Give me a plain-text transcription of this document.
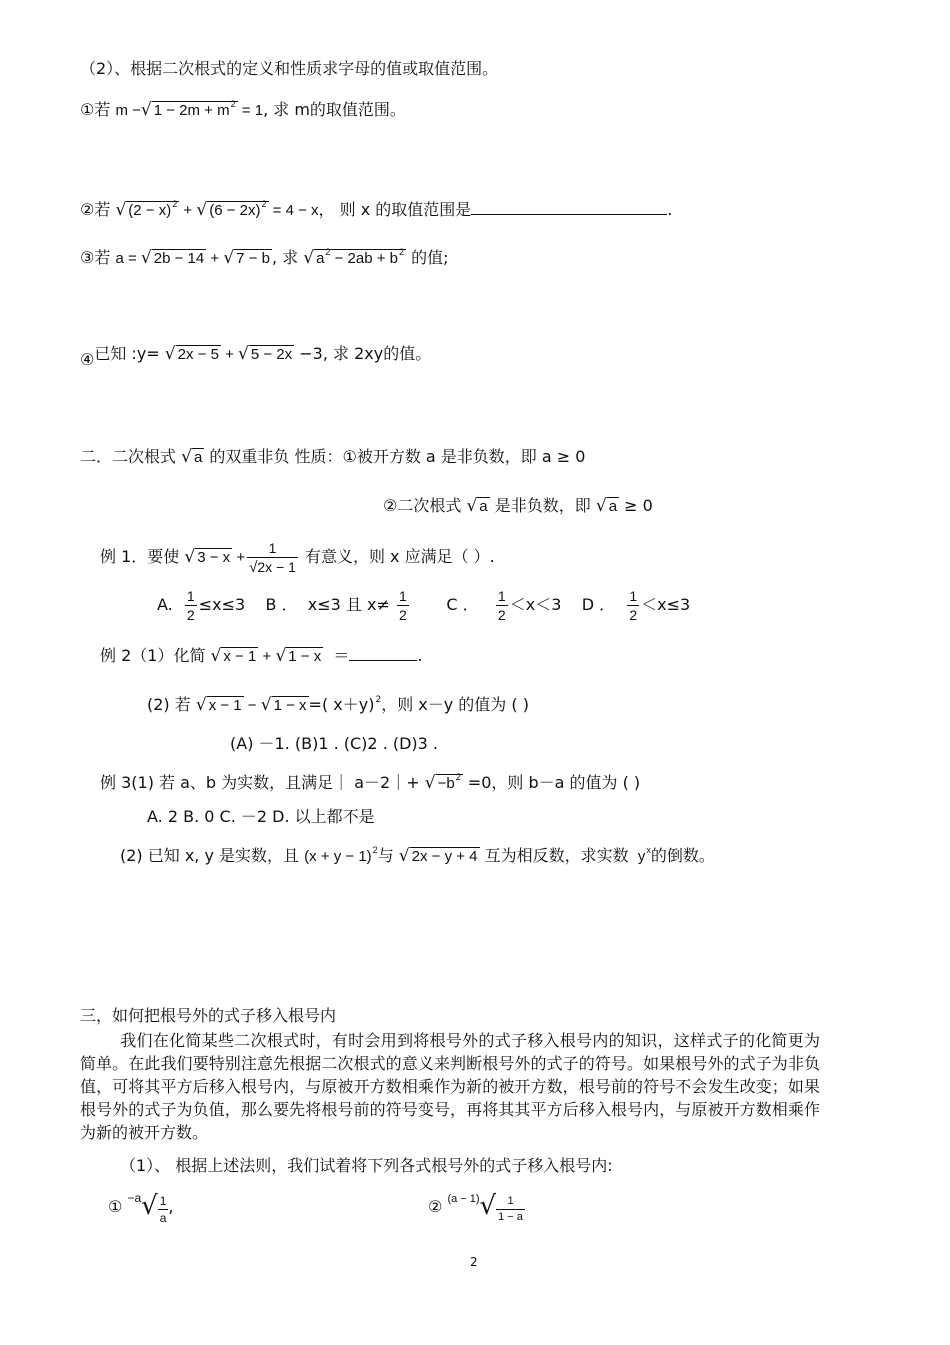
（2）、根据二次根式的定义和性质求字母的值或取值范围。
①若 m −√ $1 - 2m + m^2 = 1$, 求 m的取值范围。
②若 √ $(2 - x)^2$ + √ $(6 - 2x)^2 = 4 - x$， 则 x 的取值范围是	.
③若 a = √ 2b − 14 + √ 7 − b , 求 √ $a^2 - 2ab + b^2$ 的值;
④已知 :y= √ 2x − 5 + √ 5 − 2x −3, 求 2xy的值。
二．二次根式 √ a 的双重非负 性质：①被开方数 a 是非负数，即 a ≥ 0
②二次根式 √ a 是非负数，即 √ a ≥ 0
例 1．要使 √ $3 - x + \frac{1}{√2x - 1}$ 有意义，则 x 应满足（ ）.
A. $\frac{1}{2} \le x\le 3$ B ． x≤3 且 $x\ne \frac{1}{2}$ C ． $\frac{1}{2} <x<3$ D ． $\frac{1}{2} <x\le 3$
例 2（1）化简 √ x − 1 + √ 1 − x ＝	.
(2) 若 √ x − 1 − √ 1 − x =( x＋y)$^2$，则 x－y 的值为 ( )
(A) －1. (B)1 . (C)2 . (D)3 .
例 3(1) 若 a、b 为实数，且满足｜ a－2｜+ √ $-b^2 =0$，则 b－a 的值为 ( )
A. 2 B. 0 C. －2 D. 以上都不是
(2) 已知 x, y 是实数，且 $(x + y - 1)^2$与 √ 2x − y + 4 互为相反数，求实数  $y^x$的倒数。
三，如何把根号外的式子移入根号内
我们在化简某些二次根式时，有时会用到将根号外的式子移入根号内的知识，这样式子的化简更为简单。在此我们要特别注意先根据二次根式的意义来判断根号外的式子的符号。如果根号外的式子为非负值，可将其平方后移入根号内，与原被开方数相乘作为新的被开方数，根号前的符号不会发生改变；如果根号外的式子为负值，那么要先将根号前的符号变号，再将其其平方后移入根号内，与原被开方数相乘作为新的被开方数。
（1）、 根据上述法则，我们试着将下列各式根号外的式子移入根号内:
① $^{-a}√ \frac{1}{a}$ ,	② $^{(a - 1)}√ \frac{1}{1 - a}$
2
